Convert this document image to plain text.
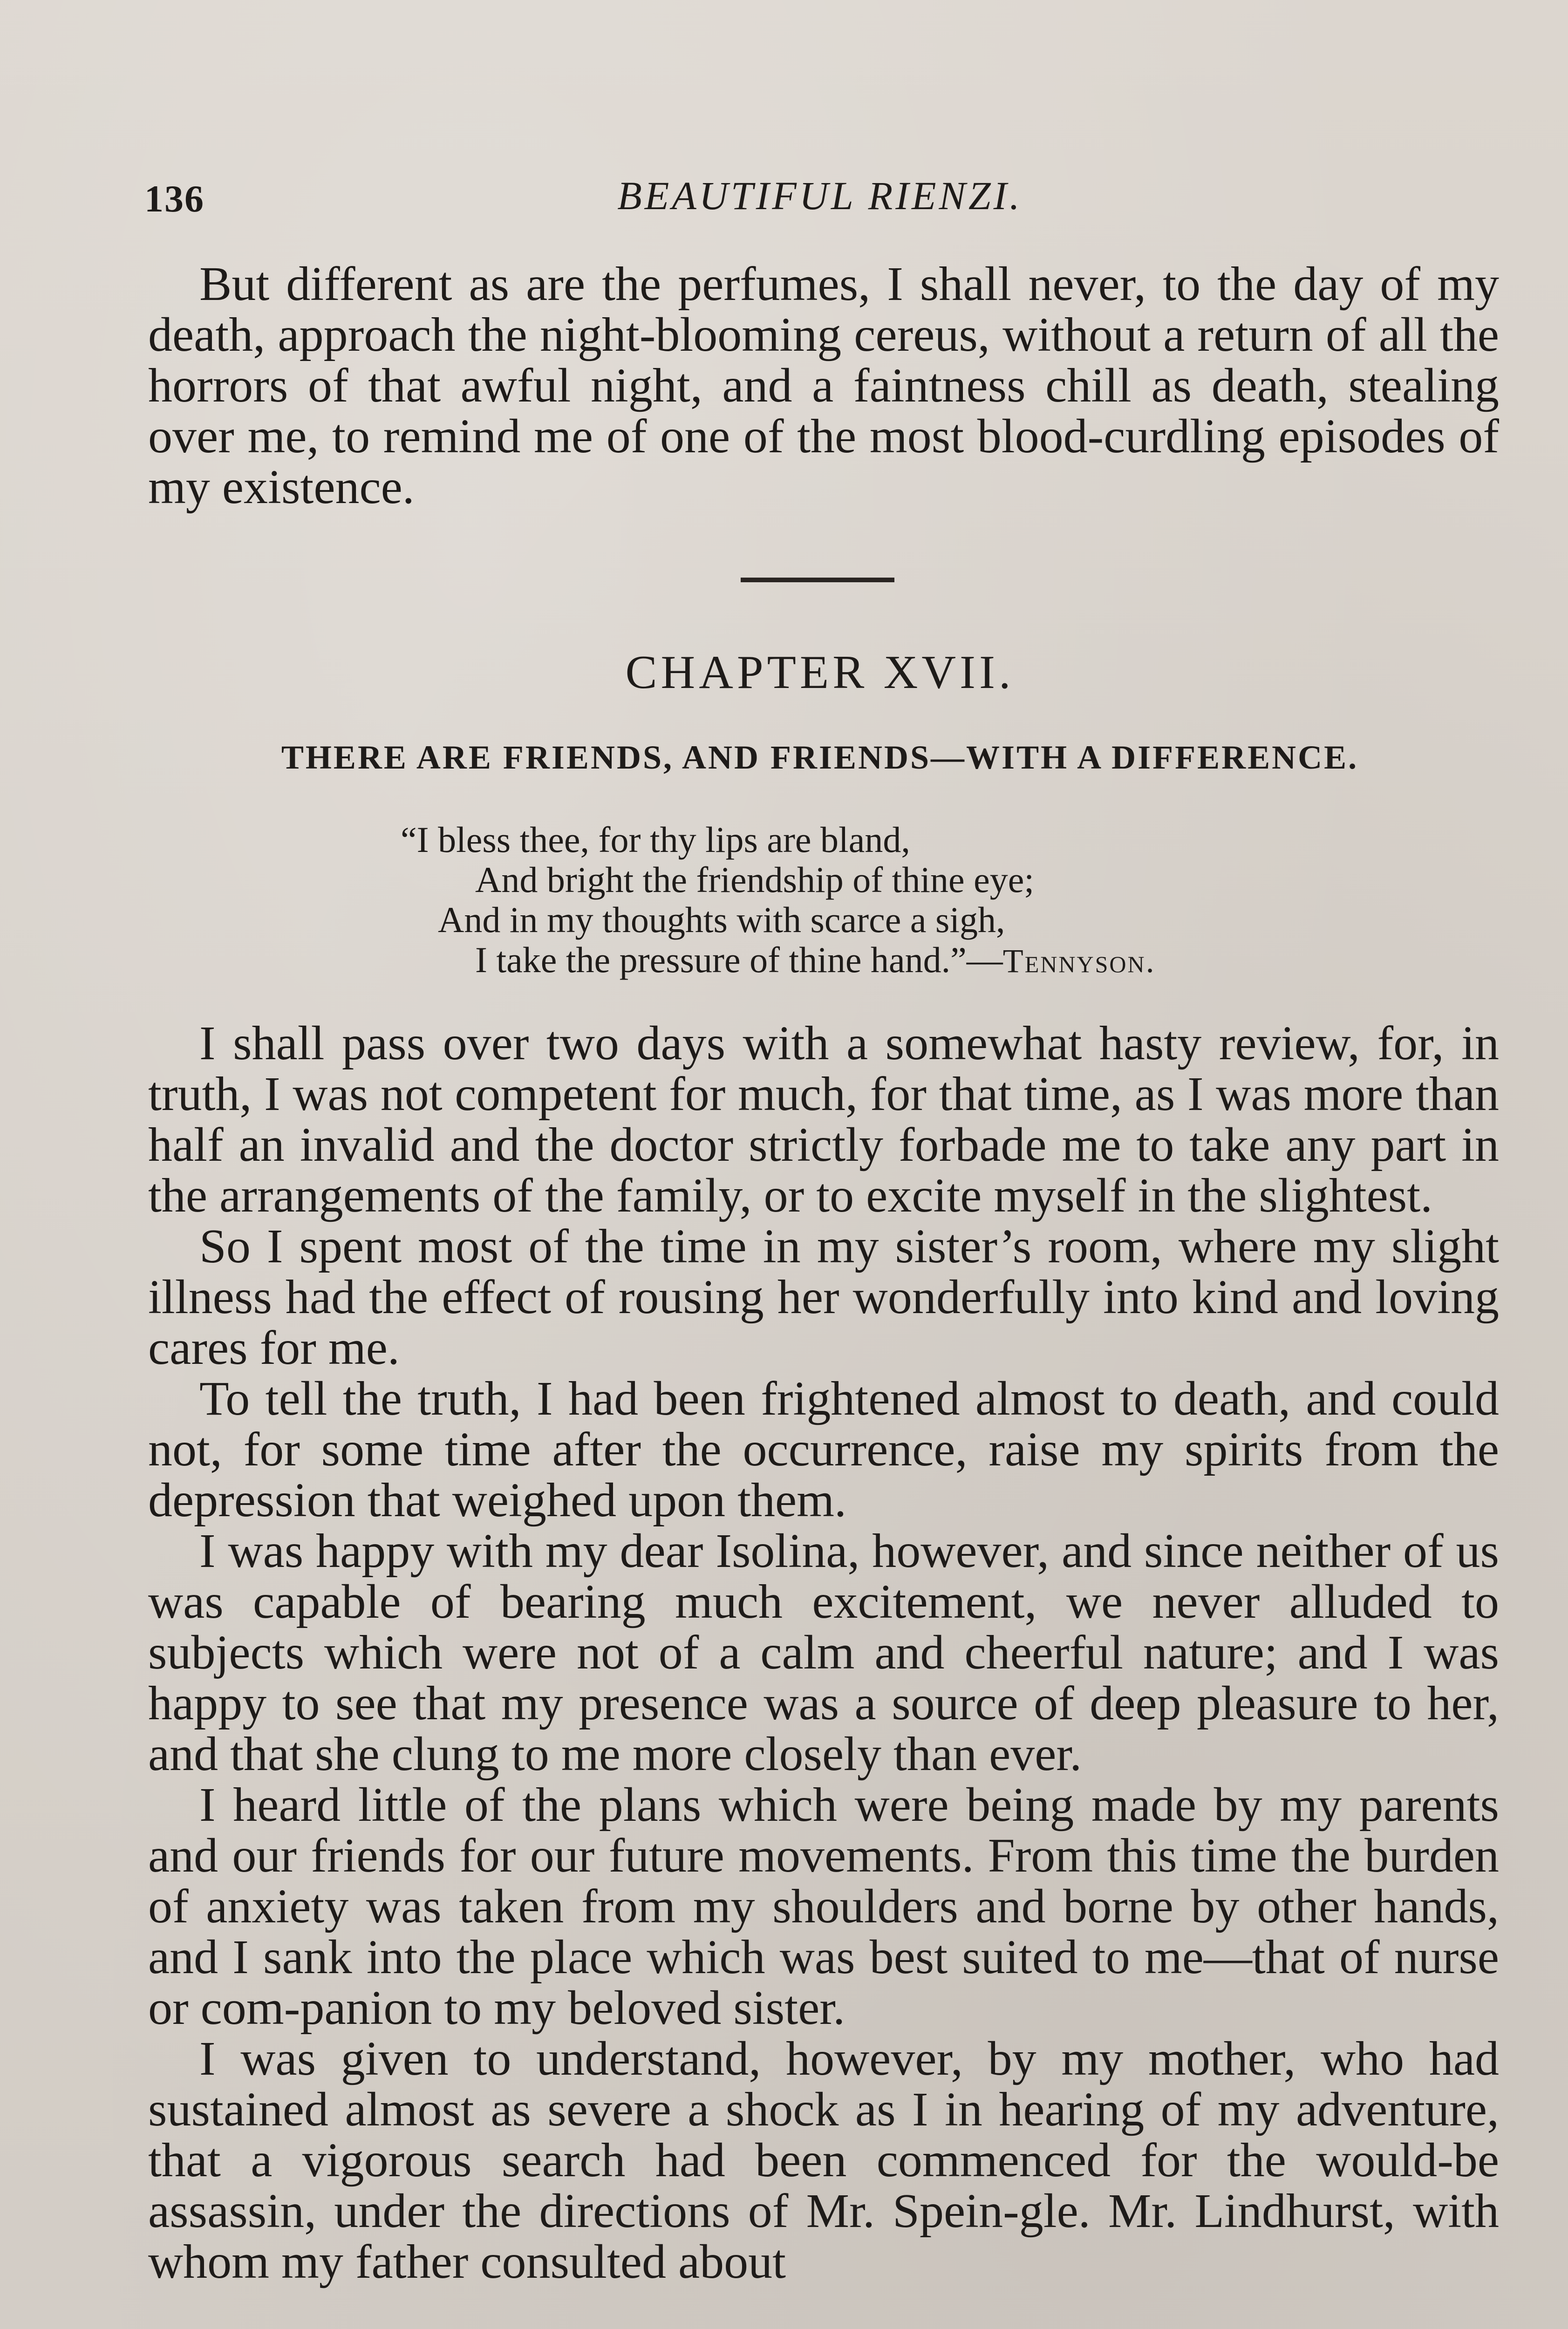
136	BEAUTIFUL RIENZI.

But different as are the perfumes, I shall never, to the day of my death, approach the night-blooming cereus, without a return of all the horrors of that awful night, and a faintness chill as death, stealing over me, to remind me of one of the most blood-curdling episodes of my existence.

CHAPTER XVII.
THERE ARE FRIENDS, AND FRIENDS—WITH A DIFFERENCE.
“I bless thee, for thy lips are bland,
And bright the friendship of thine eye;
And in my thoughts with scarce a sigh,
I take the pressure of thine hand.”—Tennyson.

I shall pass over two days with a somewhat hasty review, for, in truth, I was not competent for much, for that time, as I was more than half an invalid and the doctor strictly forbade me to take any part in the arrangements of the family, or to excite myself in the slightest.

So I spent most of the time in my sister’s room, where my slight illness had the effect of rousing her wonderfully into kind and loving cares for me.

To tell the truth, I had been frightened almost to death, and could not, for some time after the occurrence, raise my spirits from the depression that weighed upon them.

I was happy with my dear Isolina, however, and since neither of us was capable of bearing much excitement, we never alluded to subjects which were not of a calm and cheerful nature; and I was happy to see that my presence was a source of deep pleasure to her, and that she clung to me more closely than ever.

I heard little of the plans which were being made by my parents and our friends for our future movements. From this time the burden of anxiety was taken from my shoulders and borne by other hands, and I sank into the place which was best suited to me—that of nurse or com-panion to my beloved sister.

I was given to understand, however, by my mother, who had sustained almost as severe a shock as I in hearing of my adventure, that a vigorous search had been commenced for the would-be assassin, under the directions of Mr. Spein-gle. Mr. Lindhurst, with whom my father consulted about
